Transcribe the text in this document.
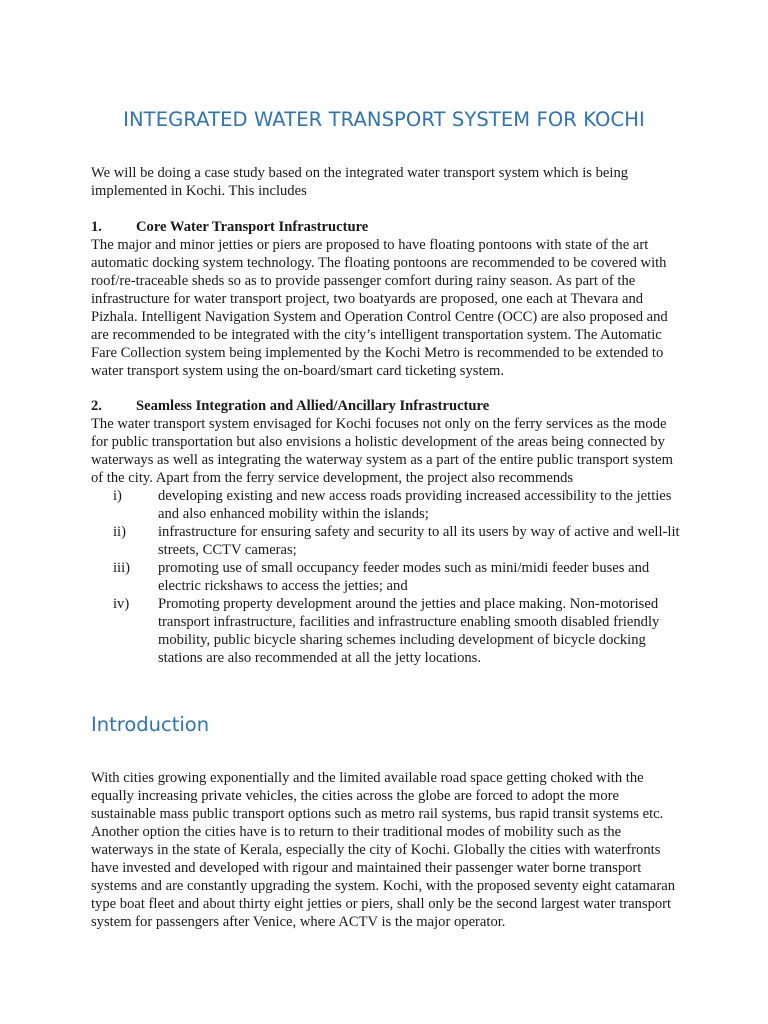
INTEGRATED WATER TRANSPORT SYSTEM FOR KOCHI

We will be doing a case study based on the integrated water transport system which is being implemented in Kochi. This includes

1.	Core Water Transport Infrastructure

The major and minor jetties or piers are proposed to have floating pontoons with state of the art automatic docking system technology. The floating pontoons are recommended to be covered with roof/re-traceable sheds so as to provide passenger comfort during rainy season. As part of the infrastructure for water transport project, two boatyards are proposed, one each at Thevara and Pizhala. Intelligent Navigation System and Operation Control Centre (OCC) are also proposed and are recommended to be integrated with the city’s intelligent transportation system. The Automatic Fare Collection system being implemented by the Kochi Metro is recommended to be extended to water transport system using the on-board/smart card ticketing system.

2.	Seamless Integration and Allied/Ancillary Infrastructure

The water transport system envisaged for Kochi focuses not only on the ferry services as the mode for public transportation but also envisions a holistic development of the areas being connected by waterways as well as integrating the waterway system as a part of the entire public transport system of the city. Apart from the ferry service development, the project also recommends

i)	developing existing and new access roads providing increased accessibility to the jetties and also enhanced mobility within the islands;
ii)	infrastructure for ensuring safety and security to all its users by way of active and well-lit streets, CCTV cameras;
iii)	promoting use of small occupancy feeder modes such as mini/midi feeder buses and electric rickshaws to access the jetties; and
iv)	Promoting property development around the jetties and place making. Non-motorised transport infrastructure, facilities and infrastructure enabling smooth disabled friendly mobility, public bicycle sharing schemes including development of bicycle docking stations are also recommended at all the jetty locations.
Introduction

With cities growing exponentially and the limited available road space getting choked with the equally increasing private vehicles, the cities across the globe are forced to adopt the more sustainable mass public transport options such as metro rail systems, bus rapid transit systems etc. Another option the cities have is to return to their traditional modes of mobility such as the waterways in the state of Kerala, especially the city of Kochi. Globally the cities with waterfronts have invested and developed with rigour and maintained their passenger water borne transport systems and are constantly upgrading the system. Kochi, with the proposed seventy eight catamaran type boat fleet and about thirty eight jetties or piers, shall only be the second largest water transport system for passengers after Venice, where ACTV is the major operator.
